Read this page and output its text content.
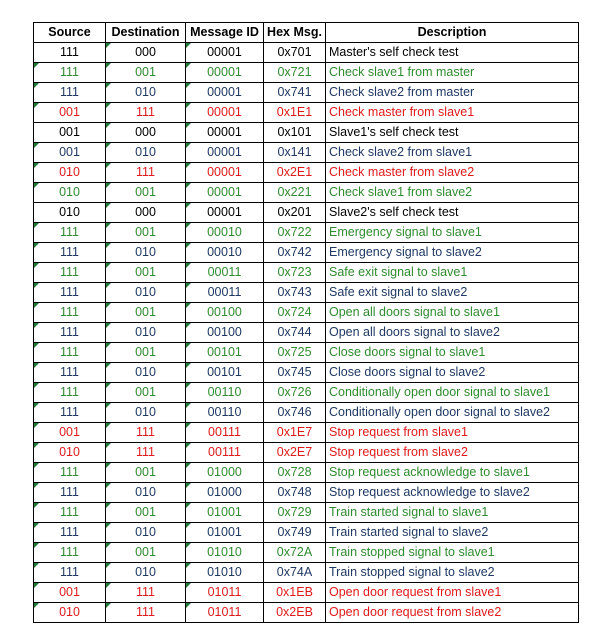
Source	Destination	Message ID	Hex Msg.	Description
111	000	00001	0x701	Master's self check test
111	001	00001	0x721	Check slave1 from master
111	010	00001	0x741	Check slave2 from master
001	111	00001	0x1E1	Check master from slave1
001	000	00001	0x101	Slave1's self check test
001	010	00001	0x141	Check slave2 from slave1
010	111	00001	0x2E1	Check master from slave2
010	001	00001	0x221	Check slave1 from slave2
010	000	00001	0x201	Slave2's self check test
111	001	00010	0x722	Emergency signal to slave1
111	010	00010	0x742	Emergency signal to slave2
111	001	00011	0x723	Safe exit signal to slave1
111	010	00011	0x743	Safe exit signal to slave2
111	001	00100	0x724	Open all doors signal to slave1
111	010	00100	0x744	Open all doors signal to slave2
111	001	00101	0x725	Close doors signal to slave1
111	010	00101	0x745	Close doors signal to slave2
111	001	00110	0x726	Conditionally open door signal to slave1
111	010	00110	0x746	Conditionally open door signal to slave2
001	111	00111	0x1E7	Stop request from slave1
010	111	00111	0x2E7	Stop request from slave2
111	001	01000	0x728	Stop request acknowledge to slave1
111	010	01000	0x748	Stop request acknowledge to slave2
111	001	01001	0x729	Train started signal to slave1
111	010	01001	0x749	Train started signal to slave2
111	001	01010	0x72A	Train stopped signal to slave1
111	010	01010	0x74A	Train stopped signal to slave2
001	111	01011	0x1EB	Open door request from slave1
010	111	01011	0x2EB	Open door request from slave2
